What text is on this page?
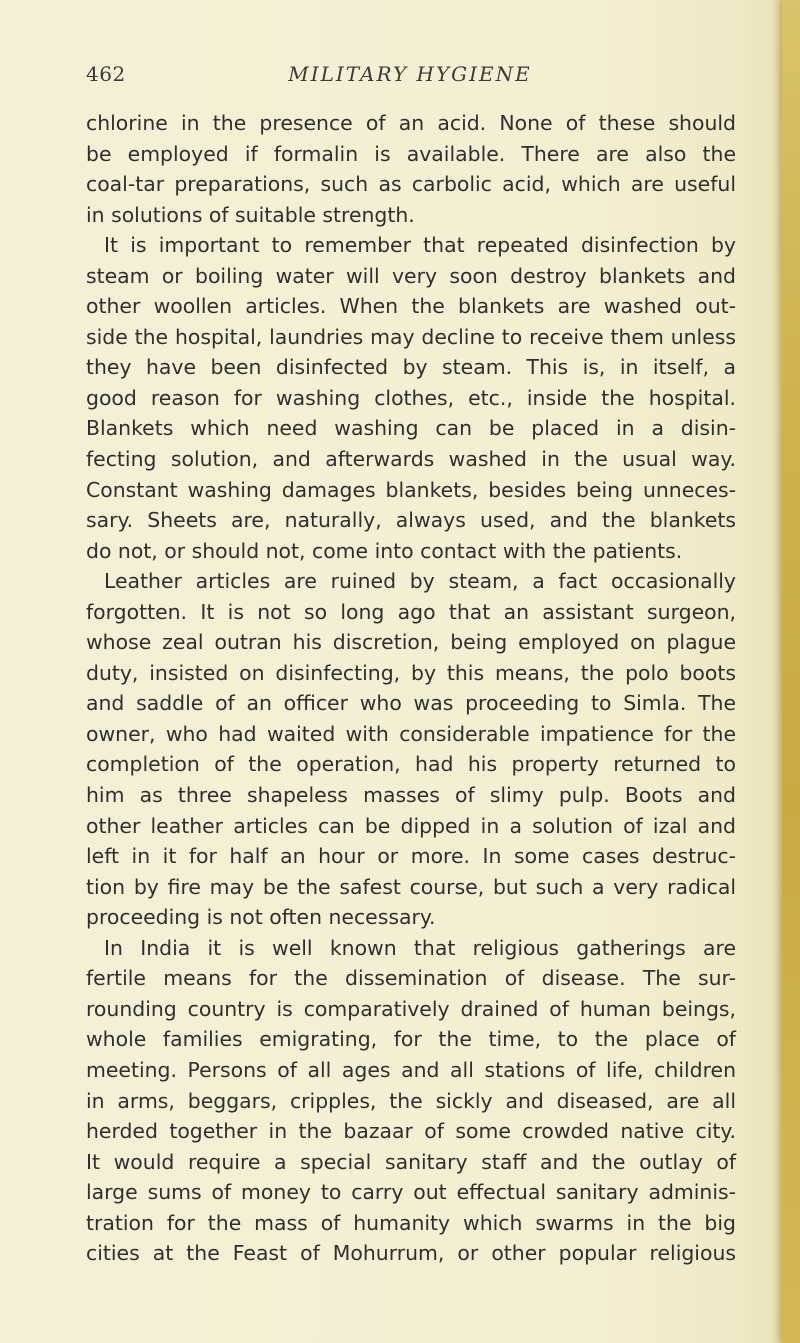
462	MILITARY HYGIENE
chlorine in the presence of an acid. None of these should
be employed if formalin is available. There are also the
coal-tar preparations, such as carbolic acid, which are useful
in solutions of suitable strength.
It is important to remember that repeated disinfection by
steam or boiling water will very soon destroy blankets and
other woollen articles. When the blankets are washed out-
side the hospital, laundries may decline to receive them unless
they have been disinfected by steam. This is, in itself, a
good reason for washing clothes, etc., inside the hospital.
Blankets which need washing can be placed in a disin-
fecting solution, and afterwards washed in the usual way.
Constant washing damages blankets, besides being unneces-
sary. Sheets are, naturally, always used, and the blankets
do not, or should not, come into contact with the patients.
Leather articles are ruined by steam, a fact occasionally
forgotten. It is not so long ago that an assistant surgeon,
whose zeal outran his discretion, being employed on plague
duty, insisted on disinfecting, by this means, the polo boots
and saddle of an officer who was proceeding to Simla. The
owner, who had waited with considerable impatience for the
completion of the operation, had his property returned to
him as three shapeless masses of slimy pulp. Boots and
other leather articles can be dipped in a solution of izal and
left in it for half an hour or more. In some cases destruc-
tion by fire may be the safest course, but such a very radical
proceeding is not often necessary.
In India it is well known that religious gatherings are
fertile means for the dissemination of disease. The sur-
rounding country is comparatively drained of human beings,
whole families emigrating, for the time, to the place of
meeting. Persons of all ages and all stations of life, children
in arms, beggars, cripples, the sickly and diseased, are all
herded together in the bazaar of some crowded native city.
It would require a special sanitary staff and the outlay of
large sums of money to carry out effectual sanitary adminis-
tration for the mass of humanity which swarms in the big
cities at the Feast of Mohurrum, or other popular religious
